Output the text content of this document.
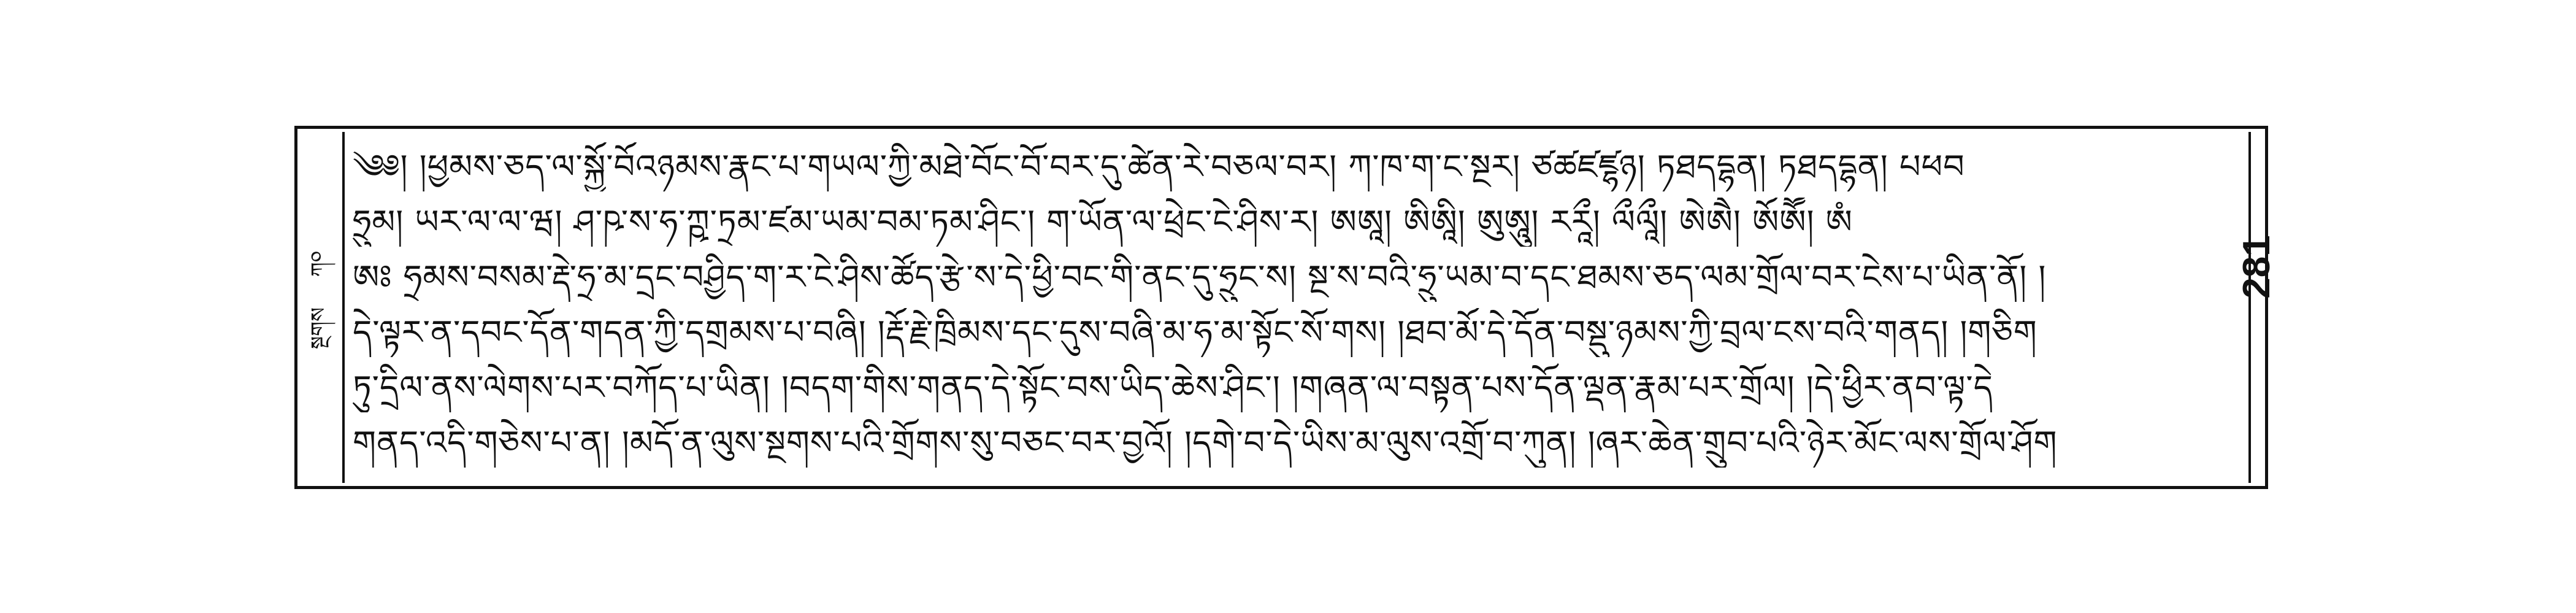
ཀ༠
སྔགས
281
༄༅། །ཕྱམས་ཅད་ལ་སྐྱོ་བོའཉམས་རྣང་པ་གཡལ་ཀྱི་མཐེ་བོང་བོ་བར་དུ་ཚེན་རེ་བཅལ་བར། ཀ་ཁ་ག་ང་སྔར། ཙཚཛཛྷཉ། ཏཐདདྷན། ཏཐདདྷན། པཕབ
ཧྲུམ། ཡར་ལ་ལ་ཝ། ཤ་ཥ་ས་ཧ་ཀྵ་ཏྲམ་ཛམ་ཡམ་བམ་ཏམ་ཤིང་། ག་ཡོན་ལ་ཕྲེང་ངེ་ཤིས་ར། ཨཨཱ། ཨིཨཱི། ཨུཨཱུ། ཪཪཱྀ། ལྀལཱྀ། ཨེཨཻ། ཨོཨཽ། ཨཾ
ཨཿ ཧྲམས་བསམ་རྡེ་ཧྲ་མ་དྲང་བཤྱིད་ག་ར་ངེ་ཤིས་ཚོད་རྩེ་ས་དེ་ཕྱི་བང་གི་ནང་དུ་ཧྲུང་ས། སྔ་ས་བའི་ཧྲུ་ཡམ་བ་དང་ཐམས་ཅད་ལམ་གྲོལ་བར་ངེས་པ་ཡིན་ནོ། །
དེ་ལྟར་ན་དབང་དོན་གདན་ཀྱི་དགྲམས་པ་བཞི། །རྡོ་རྗེ་ཁྲིམས་དང་དུས་བཞི་མ་ཧ་མ་སྟོང་སོ་གས། །ཐབ་མོ་དེ་དོན་བསྡུ་ཉམས་ཀྱི་བྲལ་ངས་བའི་གནད། །གཅིག
ཏུ་དྲིལ་ནས་ལེགས་པར་བཀོད་པ་ཡིན། །བདག་གིས་གནད་དེ་སྟོང་བས་ཡིད་ཆེས་ཤིང་། །གཞན་ལ་བསྟན་པས་དོན་ལྡན་རྣམ་པར་གྲོལ། །དེ་ཕྱིར་ནབ་ལྟ་དེ
གནད་འདི་གཅེས་པ་ན། །མདོ་ན་ལུས་སྔགས་པའི་གྲོགས་སུ་བཅང་བར་བྱའོ། །དགེ་བ་དེ་ཡིས་མ་ལུས་འགྲོ་བ་ཀུན། །ཞར་ཆེན་གྲུབ་པའི་ཉེར་མོང་ལས་གྲོལ་ཤོག
